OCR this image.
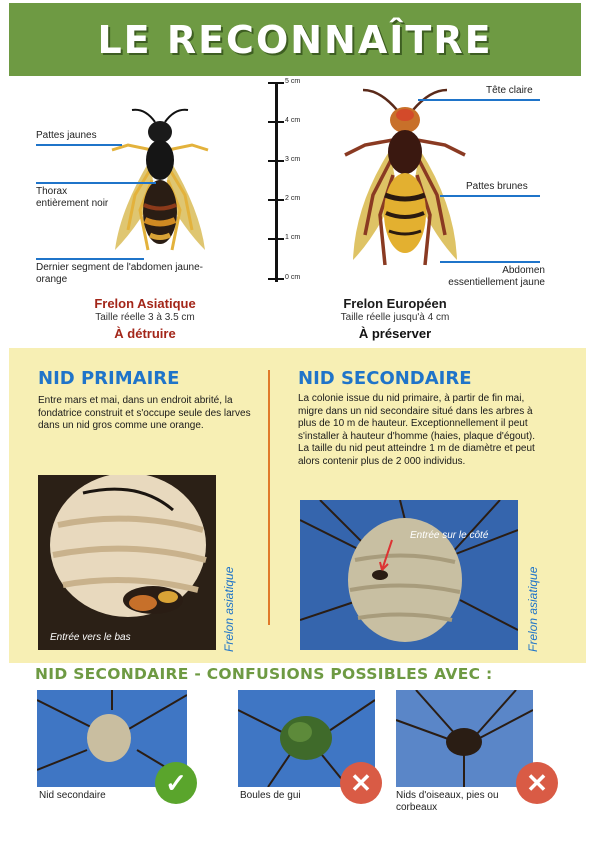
LE RECONNAÎTRE
Pattes jaunes
Thorax entièrement noir
Dernier segment de l'abdomen jaune-orange
Frelon Asiatique
Taille réelle 3 à 3.5 cm
À détruire
5 cm
4 cm
3 cm
2 cm
1 cm
0 cm
Tête claire
Pattes brunes
Abdomen essentiellement jaune
Frelon Européen
Taille réelle jusqu'à 4 cm
À préserver
NID PRIMAIRE
Entre mars et mai, dans un endroit abrité, la fondatrice construit et s'occupe seule des larves dans un nid gros comme une orange.
NID SECONDAIRE
La colonie issue du nid primaire, à partir de fin mai, migre dans un nid secondaire situé dans les arbres à plus de 10 m de hauteur. Exceptionnellement il peut s'installer à hauteur d'homme (haies, plaque d'égout). La taille du nid peut atteindre 1 m de diamètre et peut alors contenir plus de 2 000 individus.
Entrée vers le bas	Frelon asiatique
Entrée sur le côté
Frelon asiatique
NID SECONDAIRE - CONFUSIONS POSSIBLES AVEC :
✓
Nid secondaire	✕
Boules de gui	✕
Nids d'oiseaux, pies ou corbeaux
